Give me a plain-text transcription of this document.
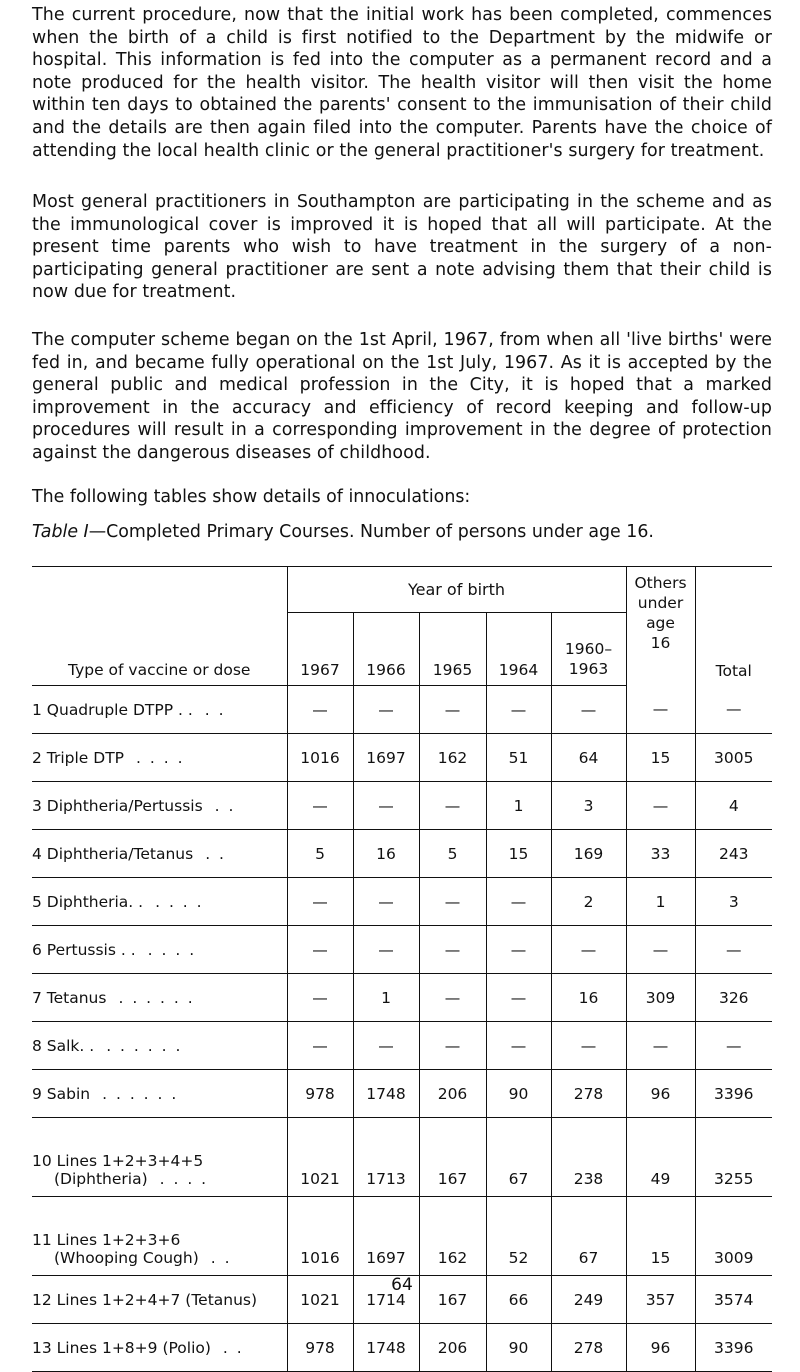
The current procedure, now that the initial work has been completed, commences when the birth of a child is first notified to the Department by the midwife or hospital. This information is fed into the computer as a permanent record and a note produced for the health visitor. The health visitor will then visit the home within ten days to obtained the parents' consent to the immunisation of their child and the details are then again filed into the computer. Parents have the choice of attending the local health clinic or the general practitioner's surgery for treatment.

Most general practitioners in Southampton are participating in the scheme and as the immunological cover is improved it is hoped that all will participate. At the present time parents who wish to have treatment in the surgery of a non-participating general practitioner are sent a note advising them that their child is now due for treatment.

The computer scheme began on the 1st April, 1967, from when all 'live births' were fed in, and became fully operational on the 1st July, 1967. As it is accepted by the general public and medical profession in the City, it is hoped that a marked improvement in the accuracy and efficiency of record keeping and follow-up procedures will result in a corresponding improvement in the degree of protection against the dangerous diseases of childhood.

The following tables show details of innoculations:
Table I—Completed Primary Courses. Number of persons under age 16.
	Year of birth					Others
under
age
16	Total
Type of vaccine or dose	1967	1966	1965	1964	1960–
1963		
1 Quadruple DTPP . . . .	—	—	—	—	—	—	—
2 Triple DTP . . . .	1016	1697	162	51	64	15	3005
3 Diphtheria/Pertussis . .	—	—	—	1	3	—	4
4 Diphtheria/Tetanus . .	5	16	5	15	169	33	243
5 Diphtheria. . . . . .	—	—	—	—	2	1	3
6 Pertussis . . . . . .	—	—	—	—	—	—	—
7 Tetanus . . . . . .	—	1	—	—	16	309	326
8 Salk. . . . . . . .	—	—	—	—	—	—	—
9 Sabin . . . . . .	978	1748	206	90	278	96	3396

10 Lines 1+2+3+4+5
(Diphtheria) . . . .	1021	1713	167	67	238	49	3255

11 Lines 1+2+3+6
(Whooping Cough) . .	1016	1697	162	52	67	15	3009
12 Lines 1+2+4+7 (Tetanus)	1021	1714	167	66	249	357	3574
13 Lines 1+8+9 (Polio) . .	978	1748	206	90	278	96	3396
64
